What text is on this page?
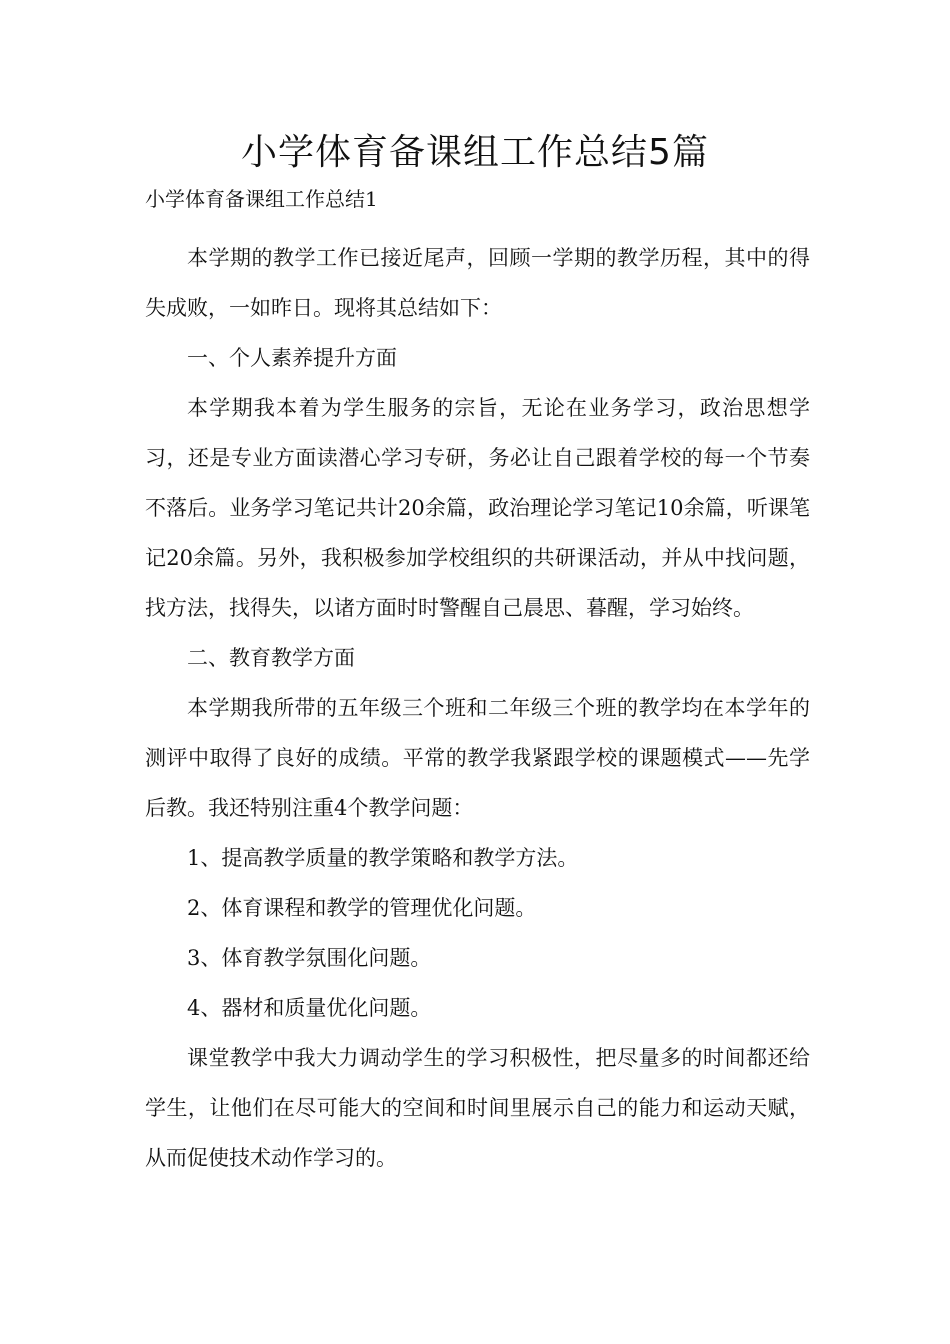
小学体育备课组工作总结5篇
小学体育备课组工作总结1

本学期的教学工作已接近尾声，回顾一学期的教学历程，其中的得失成败，一如昨日。现将其总结如下：

一、个人素养提升方面

本学期我本着为学生服务的宗旨，无论在业务学习，政治思想学习，还是专业方面读潜心学习专研，务必让自己跟着学校的每一个节奏不落后。业务学习笔记共计20余篇，政治理论学习笔记10余篇，听课笔记20余篇。另外，我积极参加学校组织的共研课活动，并从中找问题，找方法，找得失，以诸方面时时警醒自己晨思、暮醒，学习始终。

二、教育教学方面

本学期我所带的五年级三个班和二年级三个班的教学均在本学年的测评中取得了良好的成绩。平常的教学我紧跟学校的课题模式——先学后教。我还特别注重4个教学问题：

1、提高教学质量的教学策略和教学方法。

2、体育课程和教学的管理优化问题。

3、体育教学氛围化问题。

4、器材和质量优化问题。

课堂教学中我大力调动学生的学习积极性，把尽量多的时间都还给学生，让他们在尽可能大的空间和时间里展示自己的能力和运动天赋，从而促使技术动作学习的。
